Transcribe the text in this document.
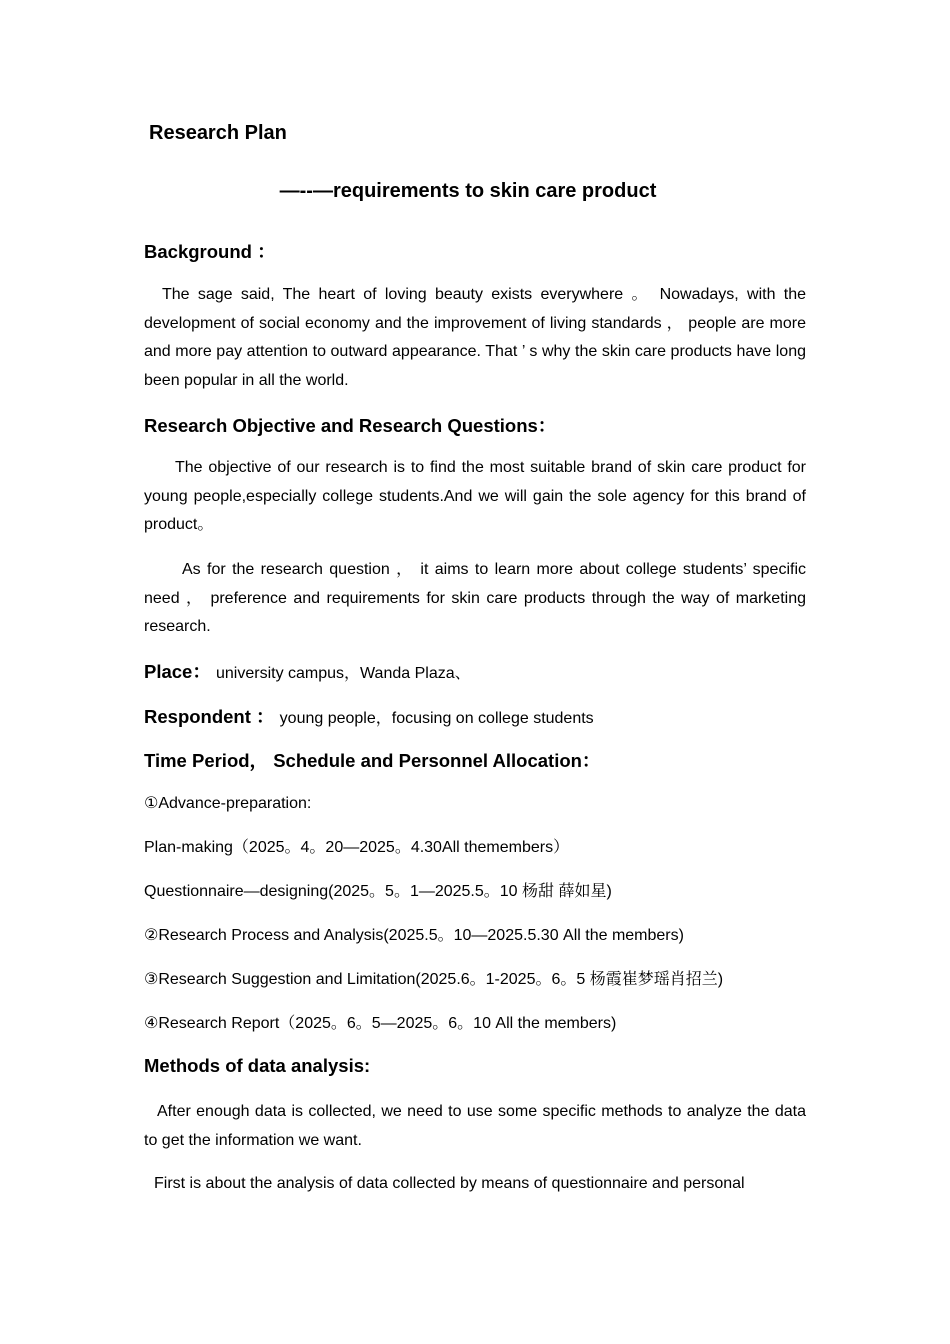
Research Plan
—--—requirements to skin care product
Background ：

The sage said, The heart of loving beauty exists everywhere 。 Nowadays, with the development of social economy and the improvement of living standards ， people are more and more pay attention to outward appearance. That ’ s why the skin care products have long been popular in all the world.

Research Objective and Research Questions：

The objective of our research is to find the most suitable brand of skin care product for young people,especially college students.And we will gain the sole agency for this brand of product。

As for the research question ， it aims to learn more about college students’ specific need ， preference and requirements for skin care products through the way of marketing research.

Place： university campus，Wanda Plaza、
Respondent ： young people，focusing on college students
Time Period， Schedule and Personnel Allocation：
①Advance-preparation:
Plan-making（2025。4。20—2025。4.30All themembers）
Questionnaire—designing(2025。5。1—2025.5。10 杨甜 薛如星)
②Research Process and Analysis(2025.5。10—2025.5.30 All the members)
③Research Suggestion and Limitation(2025.6。1-2025。6。5 杨霞崔梦瑶肖招兰)
④Research Report（2025。6。5—2025。6。10 All the members)
Methods of data analysis:

After enough data is collected, we need to use some specific methods to analyze the data to get the information we want.

First is about the analysis of data collected by means of questionnaire and personal
